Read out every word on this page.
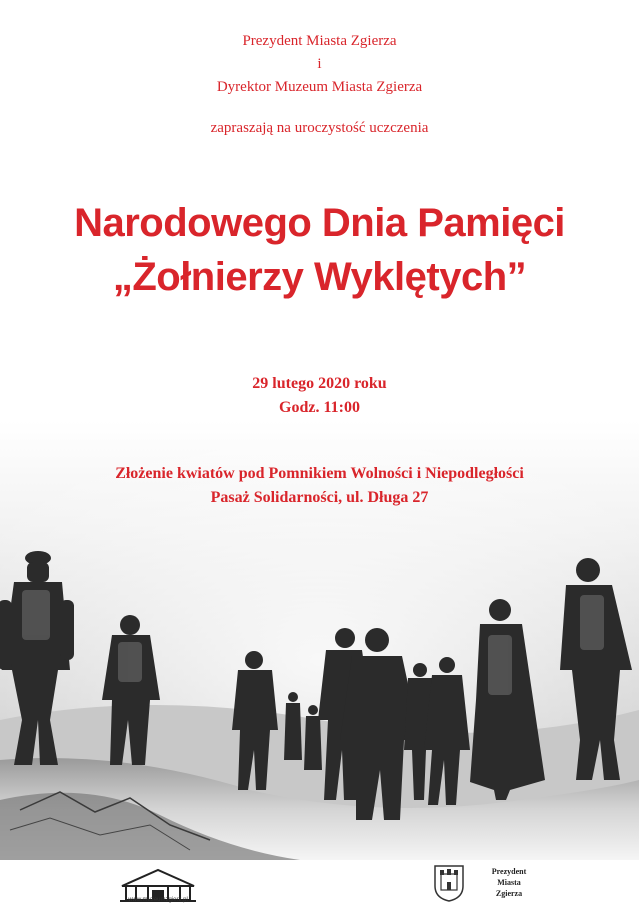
Prezydent Miasta Zgierza
i
Dyrektor Muzeum Miasta Zgierza
zapraszają na uroczystość uczczenia
Narodowego Dnia Pamięci
„Żołnierzy Wyklętych”
29 lutego 2020 roku
Godz. 11:00
Złożenie kwiatów pod Pomnikiem Wolności i Niepodległości
Pasaż Solidarności, ul. Długa 27
www.muzeumzgierz.pl
Prezydent
Miasta
Zgierza
